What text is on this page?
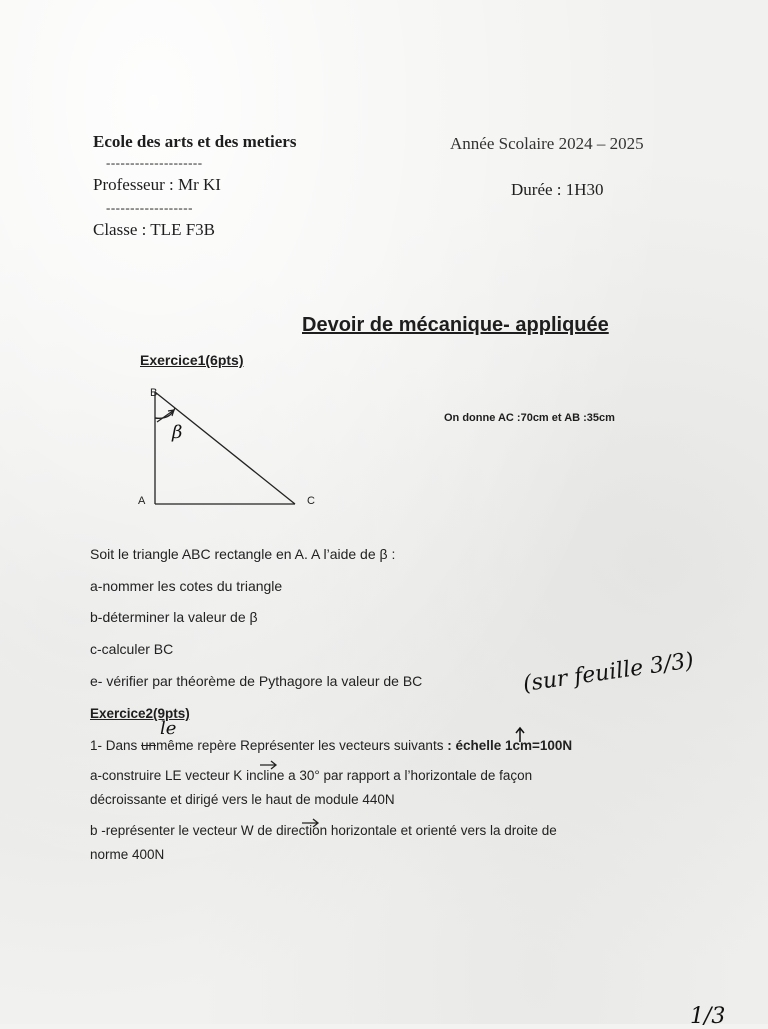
Ecole des arts et des metiers
--------------------
Professeur : Mr KI
------------------
Classe : TLE F3B
Année Scolaire 2024 – 2025
Durée : 1H30
Devoir de mécanique- appliquée
Exercice1(6pts)
B
A	C
β
On donne AC :70cm et AB :35cm
Soit le triangle ABC rectangle en A. A l’aide de β :
a-nommer les cotes du triangle
b-déterminer la valeur de β
c-calculer BC
e- vérifier par théorème de Pythagore la valeur de BC
Exercice2(9pts)
1- Dans unmême repère Représenter les vecteurs suivants : échelle 1cm=100N
a-construire LE vecteur K incline a 30° par rapport a l’horizontale de façon
décroissante et dirigé vers le haut de module 440N
b -représenter le vecteur W de direction horizontale et orienté vers la droite de
norme 400N
(sur feuille 3/3)
le
1/3
